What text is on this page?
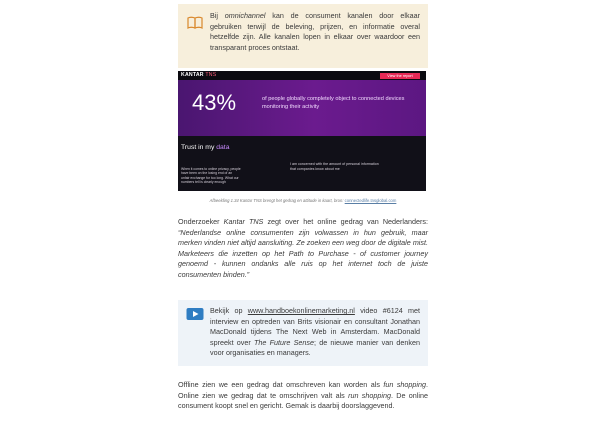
Bij omnichannel kan de consument kanalen door elkaar gebruiken terwijl de beleving, prijzen, en informatie overal hetzelfde zijn. Alle kanalen lopen in elkaar over waardoor een transparant proces ontstaat.
KANTAR TNS	View the report
43%	of people globally completely object to connected devices monitoring their activity
Trust in my data
When it comes to online privacy, people have been on the losing end of an unfair exchange for too long. What our numbers tell is clearly enough
I am concerned with the amount of personal information that companies know about me
Afbeelding 1.34 Kantar TNS brengt het gedrag en attitude in kaart, bron: connectedlife.tnsglobal.com
Onderzoeker Kantar TNS zegt over het online gedrag van Nederlanders: “Nederlandse online consumenten zijn volwassen in hun gebruik, maar merken vinden niet altijd aansluiting. Ze zoeken een weg door de digitale mist. Marketeers die inzetten op het Path to Purchase - of customer journey genoemd - kunnen ondanks alle ruis op het internet toch de juiste consumenten binden.”
Bekijk op www.handboekonlinemarketing.nl video #6124 met interview en optreden van Brits visionair en consultant Jonathan MacDonald tijdens The Next Web in Amsterdam. MacDonald spreekt over The Future Sense; de nieuwe manier van denken voor organisaties en managers.
Offline zien we een gedrag dat omschreven kan worden als fun shopping. Online zien we gedrag dat te omschrijven valt als run shopping. De online consument koopt snel en gericht. Gemak is daarbij doorslaggevend.
